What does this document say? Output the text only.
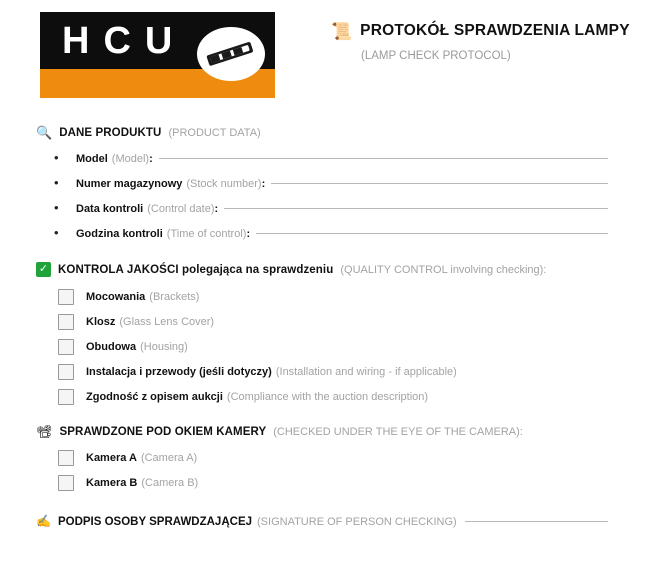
HCU	📜 PROTOKÓŁ SPRAWDZENIA LAMPY
(LAMP CHECK PROTOCOL)
🔍 DANE PRODUKTU (PRODUCT DATA)
•	Model (Model) :
•	Numer magazynowy (Stock number) :
•	Data kontroli (Control date) :
•	Godzina kontroli (Time of control) :
✓ KONTROLA JAKOŚCI polegająca na sprawdzeniu (QUALITY CONTROL involving checking):
Mocowania (Brackets)
Klosz (Glass Lens Cover)
Obudowa (Housing)
Instalacja i przewody (jeśli dotyczy) (Installation and wiring - if applicable)
Zgodność z opisem aukcji (Compliance with the auction description)
📽 SPRAWDZONE POD OKIEM KAMERY (CHECKED UNDER THE EYE OF THE CAMERA):
Kamera A (Camera A)
Kamera B (Camera B)
✍ PODPIS OSOBY SPRAWDZAJĄCEJ (SIGNATURE OF PERSON CHECKING)
